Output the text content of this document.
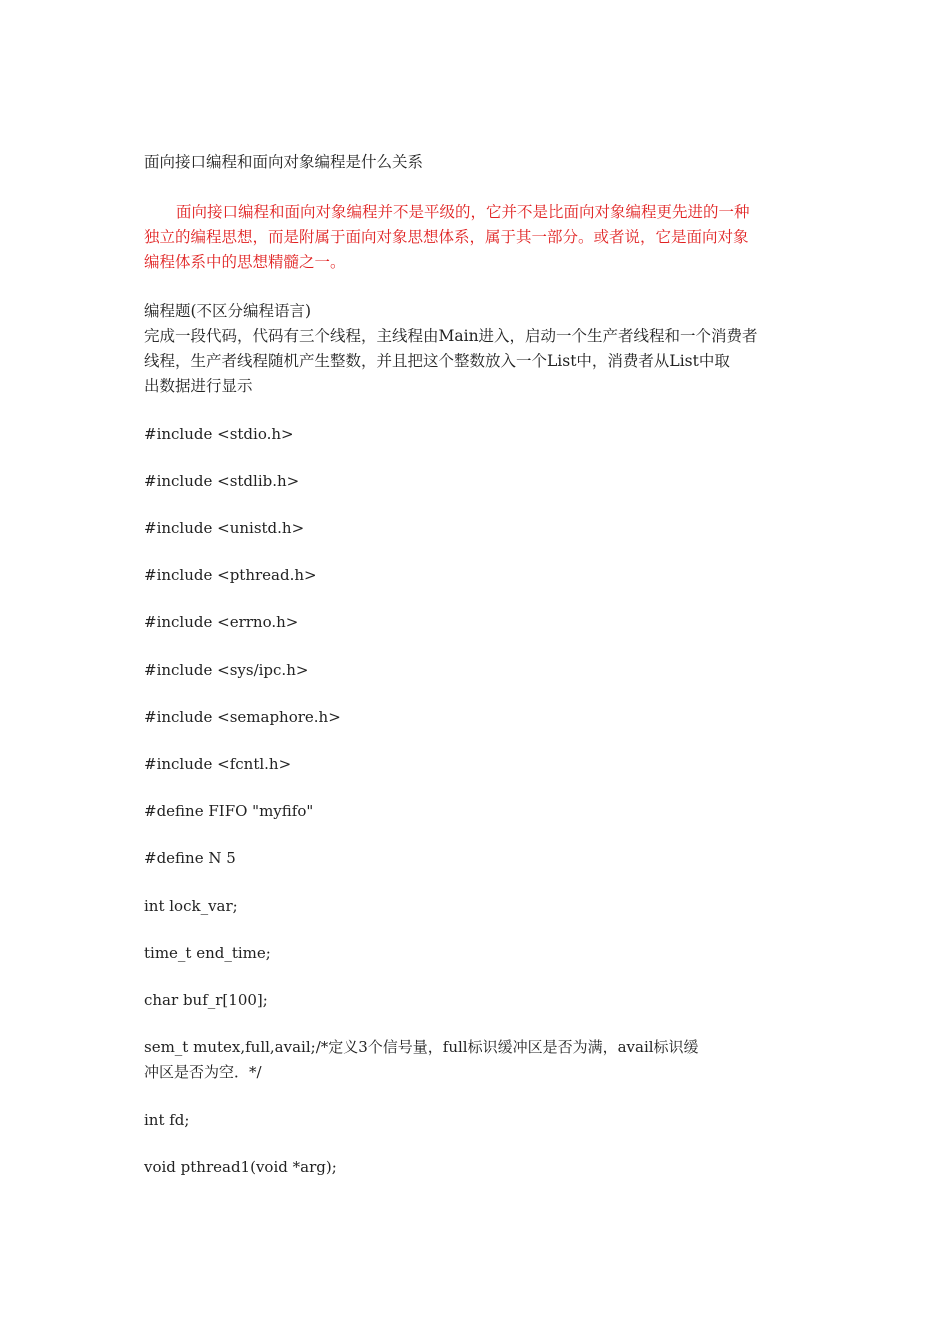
面向接口编程和面向对象编程是什么关系

面向接口编程和面向对象编程并不是平级的，它并不是比面向对象编程更先进的一种

独立的编程思想，而是附属于面向对象思想体系，属于其一部分。或者说，它是面向对象

编程体系中的思想精髓之一。

编程题(不区分编程语言)

完成一段代码，代码有三个线程，主线程由Main进入，启动一个生产者线程和一个消费者

线程，生产者线程随机产生整数，并且把这个整数放入一个List中，消费者从List中取

出数据进行显示

#include <stdio.h>

#include <stdlib.h>

#include <unistd.h>

#include <pthread.h>

#include <errno.h>

#include <sys/ipc.h>

#include <semaphore.h>

#include <fcntl.h>

#define FIFO "myfifo"

#define N 5

int lock_var;

time_t end_time;

char buf_r[100];

sem_t mutex,full,avail;/*定义3个信号量，full标识缓冲区是否为满，avail标识缓

冲区是否为空．*/

int fd;

void pthread1(void *arg);
